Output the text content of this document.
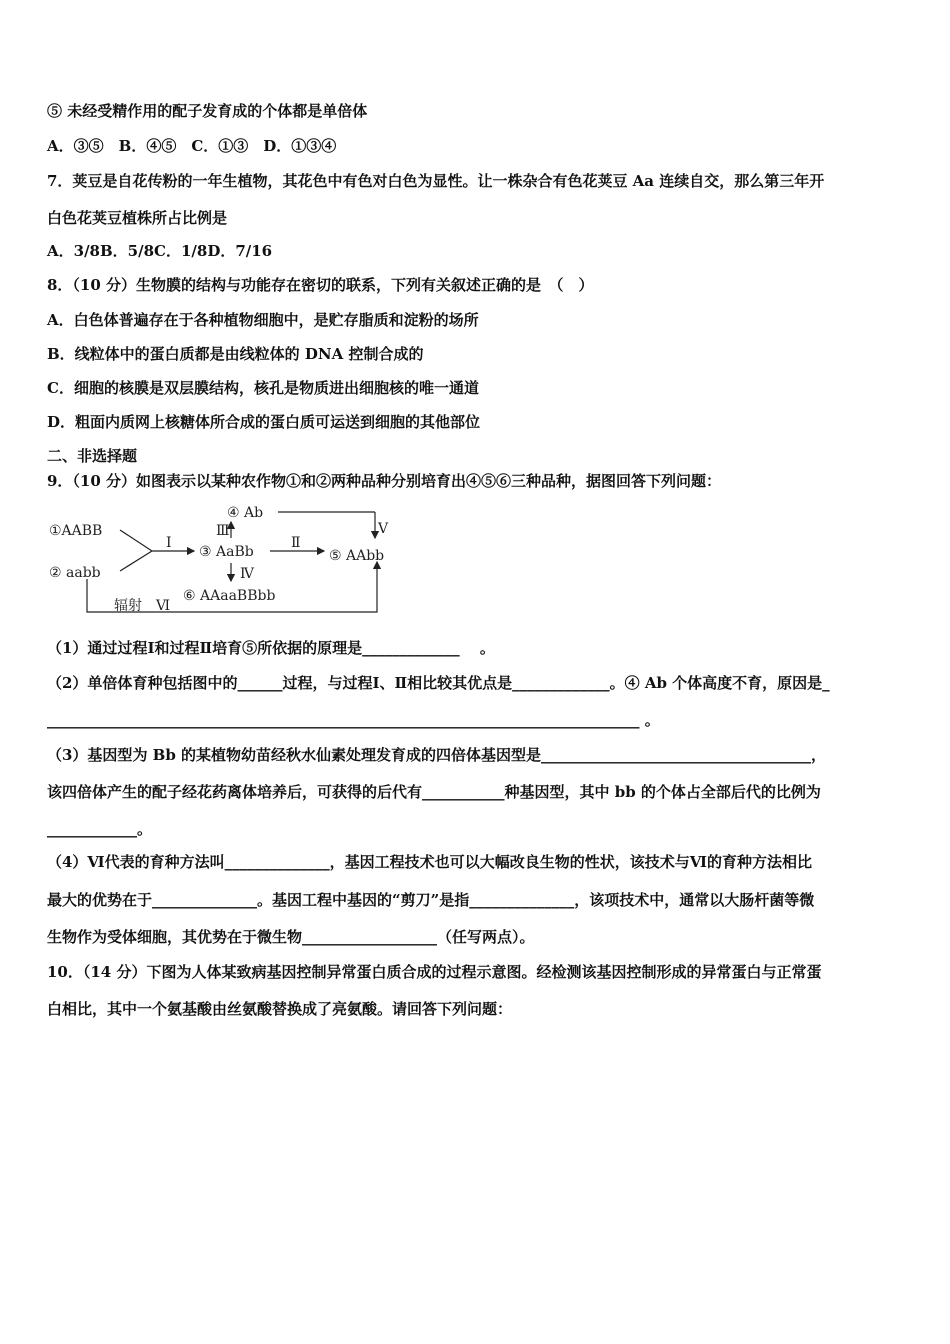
⑤ 未经受精作用的配子发育成的个体都是单倍体
A．③⑤　B．④⑤　C．①③　D．①③④
7．荚豆是自花传粉的一年生植物，其花色中有色对白色为显性。让一株杂合有色花荚豆 Aa 连续自交，那么第三年开
白色花荚豆植株所占比例是
A．3/8B．5/8C．1/8D．7/16
8．（10 分）生物膜的结构与功能存在密切的联系，下列有关叙述正确的是　（　）
A．白色体普遍存在于各种植物细胞中，是贮存脂质和淀粉的场所
B．线粒体中的蛋白质都是由线粒体的 DNA 控制合成的
C．细胞的核膜是双层膜结构，核孔是物质进出细胞核的唯一通道
D．粗面内质网上核糖体所合成的蛋白质可运送到细胞的其他部位
二、非选择题
9．（10 分）如图表示以某种农作物①和②两种品种分别培育出④⑤⑥三种品种，据图回答下列问题：
①AABB
② aabb
Ⅰ
③ AaBb
Ⅲ
④ Ab
Ⅴ
Ⅱ
⑤ AAbb
Ⅳ
⑥ AAaaBBbb
辐射　Ⅵ
（1）通过过程Ⅰ和过程Ⅱ培育⑤所依据的原理是_____________　 。
（2）单倍体育种包括图中的______过程，与过程Ⅰ、Ⅱ相比较其优点是_____________。④ Ab 个体高度不育，原因是_
_______________________________________________________________________________ 。
（3）基因型为 Bb 的某植物幼苗经秋水仙素处理发育成的四倍体基因型是____________________________________，
该四倍体产生的配子经花药离体培养后，可获得的后代有___________种基因型，其中 bb 的个体占全部后代的比例为
____________。
（4）Ⅵ代表的育种方法叫______________，基因工程技术也可以大幅改良生物的性状，该技术与Ⅵ的育种方法相比
最大的优势在于______________。基因工程中基因的“剪刀”是指______________，该项技术中，通常以大肠杆菌等微
生物作为受体细胞，其优势在于微生物__________________（任写两点）。
10．（14 分）下图为人体某致病基因控制异常蛋白质合成的过程示意图。经检测该基因控制形成的异常蛋白与正常蛋
白相比，其中一个氨基酸由丝氨酸替换成了亮氨酸。请回答下列问题：
